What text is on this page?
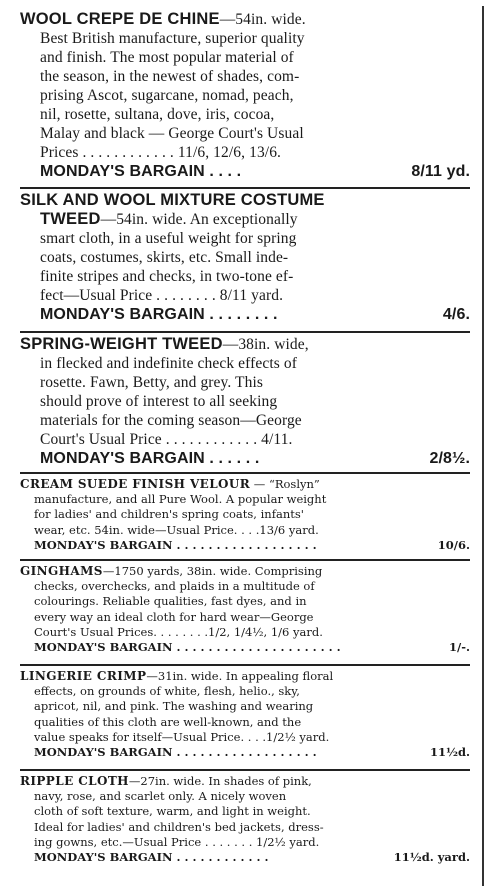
WOOL CREPE DE CHINE—54in. wide.
Best British manufacture, superior quality
and finish. The most popular material of
the season, in the newest of shades, com-
prising Ascot, sugarcane, nomad, peach,
nil, rosette, sultana, dove, iris, cocoa,
Malay and black — George Court's Usual
Prices . . . . . . . . . . . . 11/6, 12/6, 13/6.
MONDAY'S BARGAIN . . . .	8/11 yd.
SILK AND WOOL MIXTURE COSTUME
TWEED—54in. wide. An exceptionally
smart cloth, in a useful weight for spring
coats, costumes, skirts, etc. Small inde-
finite stripes and checks, in two-tone ef-
fect—Usual Price . . . . . . . . 8/11 yard.
MONDAY'S BARGAIN . . . . . . . .	4/6.
SPRING-WEIGHT TWEED—38in. wide,
in flecked and indefinite check effects of
rosette. Fawn, Betty, and grey. This
should prove of interest to all seeking
materials for the coming season—George
Court's Usual Price . . . . . . . . . . . . 4/11.
MONDAY'S BARGAIN . . . . . .	2/8½.
CREAM SUEDE FINISH VELOUR — “Roslyn”
manufacture, and all Pure Wool. A popular weight
for ladies' and children's spring coats, infants'
wear, etc. 54in. wide—Usual Price. . . .13/6 yard.
MONDAY'S BARGAIN . . . . . . . . . . . . . . . . . .	10/6.
GINGHAMS—1750 yards, 38in. wide. Comprising
checks, overchecks, and plaids in a multitude of
colourings. Reliable qualities, fast dyes, and in
every way an ideal cloth for hard wear—George
Court's Usual Prices. . . . . . . .1/2, 1/4½, 1/6 yard.
MONDAY'S BARGAIN . . . . . . . . . . . . . . . . . . . . .	1/-.
LINGERIE CRIMP—31in. wide. In appealing floral
effects, on grounds of white, flesh, helio., sky,
apricot, nil, and pink. The washing and wearing
qualities of this cloth are well-known, and the
value speaks for itself—Usual Price. . . .1/2½ yard.
MONDAY'S BARGAIN . . . . . . . . . . . . . . . . . .	11½d.
RIPPLE CLOTH—27in. wide. In shades of pink,
navy, rose, and scarlet only. A nicely woven
cloth of soft texture, warm, and light in weight.
Ideal for ladies' and children's bed jackets, dress-
ing gowns, etc.—Usual Price . . . . . . . 1/2½ yard.
MONDAY'S BARGAIN . . . . . . . . . . . .	11½d. yard.
